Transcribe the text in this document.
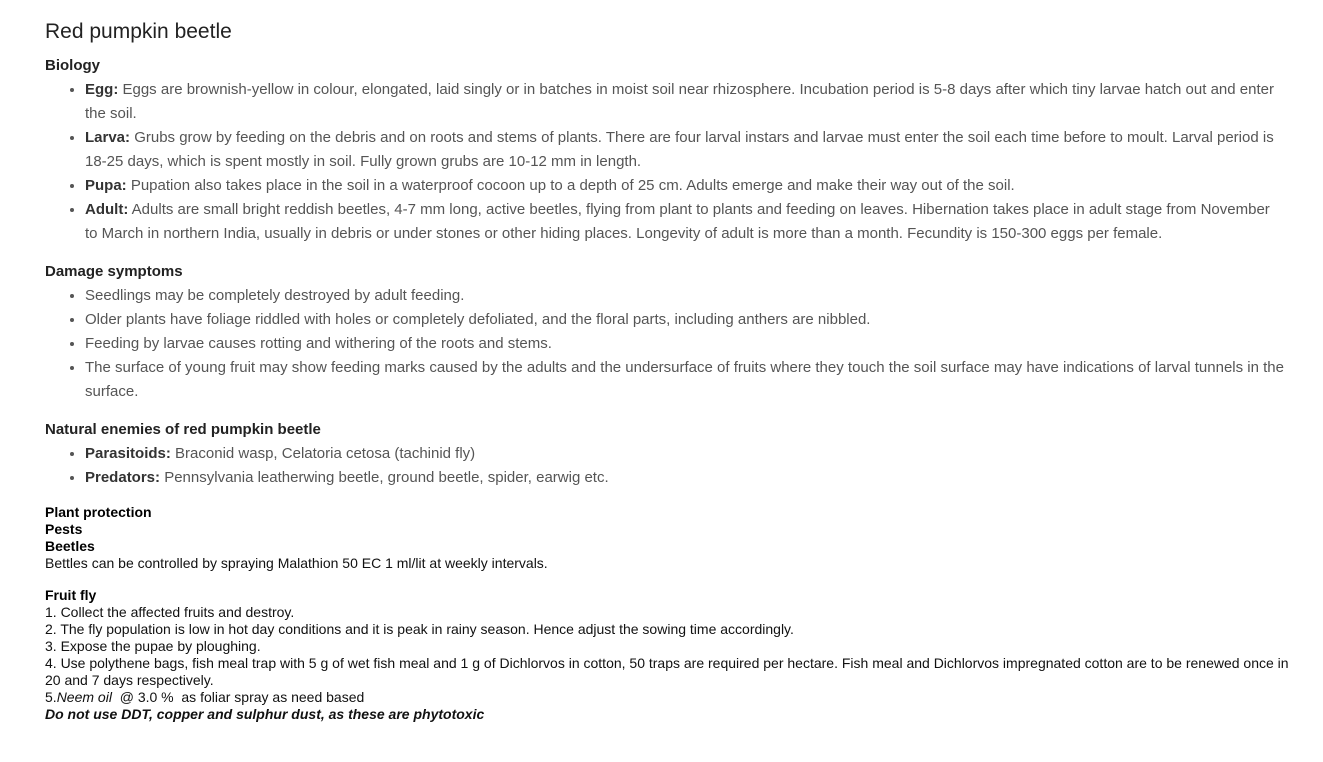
Red pumpkin beetle
Biology
• Egg: Eggs are brownish-yellow in colour, elongated, laid singly or in batches in moist soil near rhizosphere. Incubation period is 5-8 days after which tiny larvae hatch out and enter the soil.
• Larva: Grubs grow by feeding on the debris and on roots and stems of plants. There are four larval instars and larvae must enter the soil each time before to moult. Larval period is 18-25 days, which is spent mostly in soil. Fully grown grubs are 10-12 mm in length.
• Pupa: Pupation also takes place in the soil in a waterproof cocoon up to a depth of 25 cm. Adults emerge and make their way out of the soil.
• Adult: Adults are small bright reddish beetles, 4-7 mm long, active beetles, flying from plant to plants and feeding on leaves. Hibernation takes place in adult stage from November to March in northern India, usually in debris or under stones or other hiding places. Longevity of adult is more than a month. Fecundity is 150-300 eggs per female.
Damage symptoms
• Seedlings may be completely destroyed by adult feeding.
• Older plants have foliage riddled with holes or completely defoliated, and the floral parts, including anthers are nibbled.
• Feeding by larvae causes rotting and withering of the roots and stems.
• The surface of young fruit may show feeding marks caused by the adults and the undersurface of fruits where they touch the soil surface may have indications of larval tunnels in the surface.
Natural enemies of red pumpkin beetle
• Parasitoids: Braconid wasp, Celatoria cetosa (tachinid fly)
• Predators: Pennsylvania leatherwing beetle, ground beetle, spider, earwig etc.
Plant protection
Pests
Beetles
Bettles can be controlled by spraying Malathion 50 EC 1 ml/lit at weekly intervals.
Fruit fly
1. Collect the affected fruits and destroy.
2. The fly population is low in hot day conditions and it is peak in rainy season. Hence adjust the sowing time accordingly.
3. Expose the pupae by ploughing.
4. Use polythene bags, fish meal trap with 5 g of wet fish meal and 1 g of Dichlorvos in cotton, 50 traps are required per hectare. Fish meal and Dichlorvos impregnated cotton are to be renewed once in 20 and 7 days respectively.
5.Neem oil  @ 3.0 %  as foliar spray as need based
Do not use DDT, copper and sulphur dust, as these are phytotoxic
